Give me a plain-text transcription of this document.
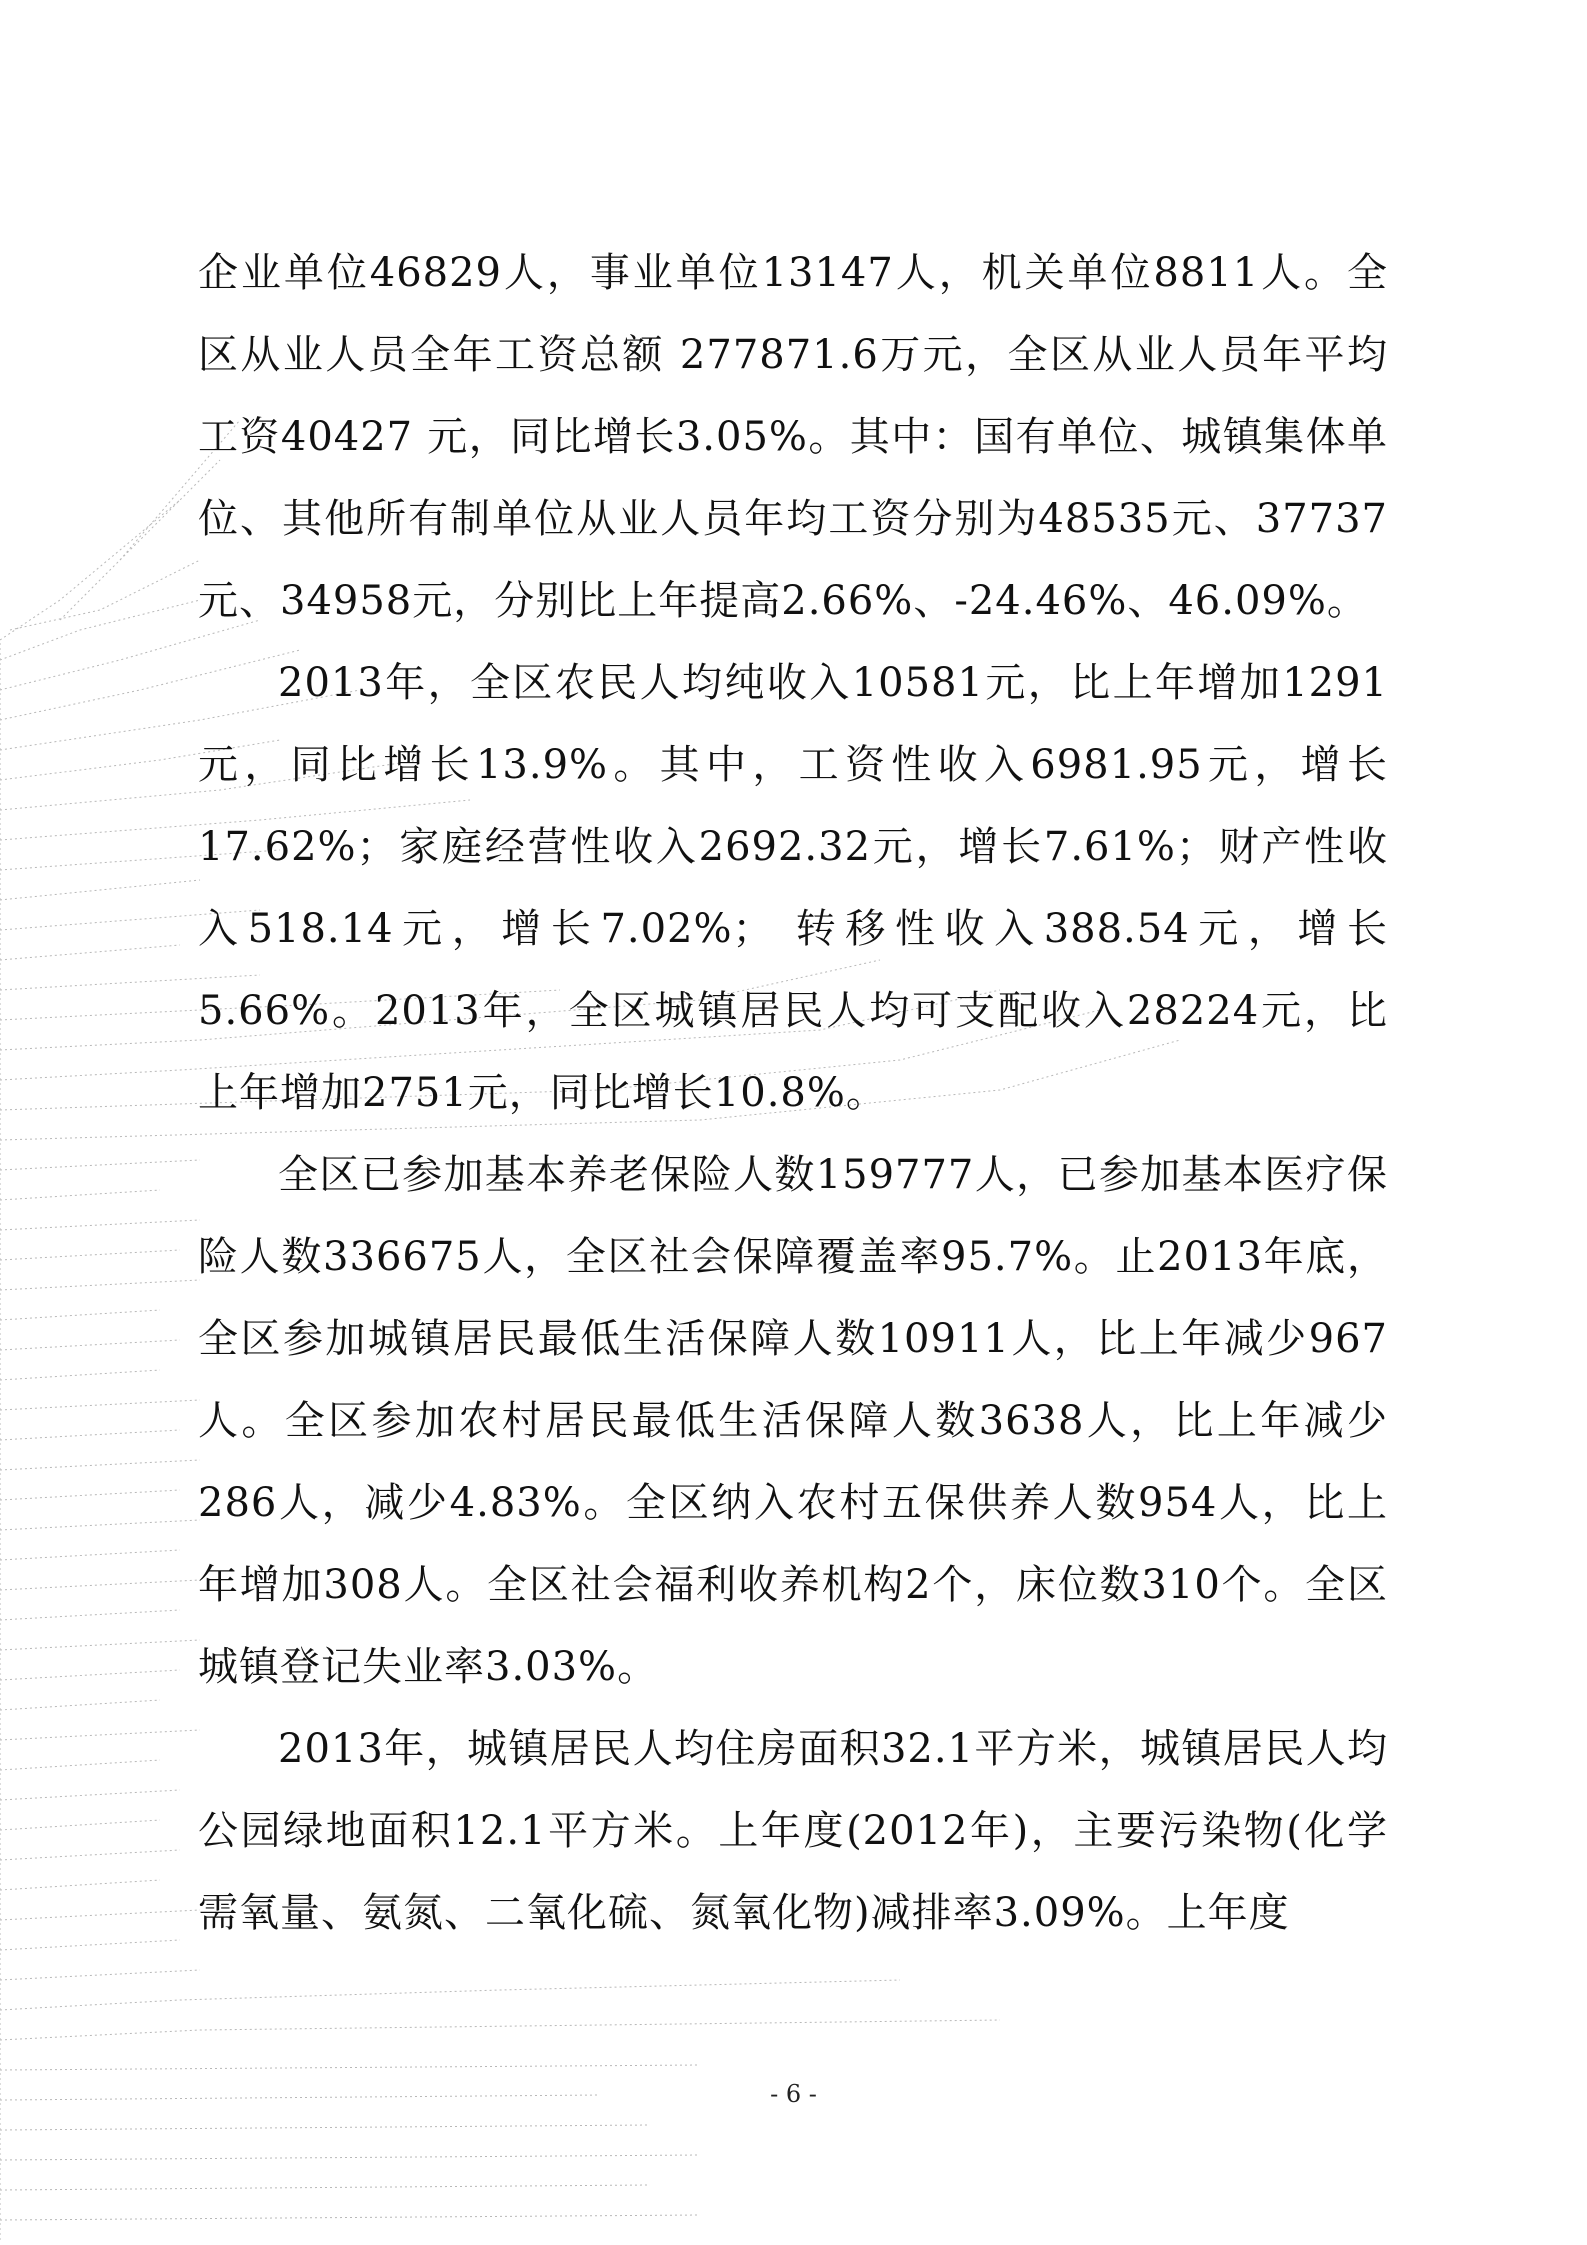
企业单位46829人，事业单位13147人，机关单位8811人。全区从业人员全年工资总额 277871.6万元，全区从业人员年平均工资40427 元，同比增长3.05%。其中：国有单位、城镇集体单位、其他所有制单位从业人员年均工资分别为48535元、37737元、34958元，分别比上年提高2.66%、-24.46%、46.09%。

2013年，全区农民人均纯收入10581元，比上年增加1291元，同比增长13.9%。其中，工资性收入6981.95元，增长17.62%；家庭经营性收入2692.32元，增长7.61%；财产性收入518.14元，增长7.02%； 转移性收入388.54元，增长5.66%。2013年，全区城镇居民人均可支配收入28224元，比上年增加2751元，同比增长10.8%。

全区已参加基本养老保险人数159777人，已参加基本医疗保险人数336675人，全区社会保障覆盖率95.7%。止2013年底，全区参加城镇居民最低生活保障人数10911人，比上年减少967人。全区参加农村居民最低生活保障人数3638人，比上年减少286人，减少4.83%。全区纳入农村五保供养人数954人，比上年增加308人。全区社会福利收养机构2个，床位数310个。全区城镇登记失业率3.03%。

2013年，城镇居民人均住房面积32.1平方米，城镇居民人均公园绿地面积12.1平方米。上年度(2012年)，主要污染物(化学需氧量、氨氮、二氧化硫、氮氧化物)减排率3.09%。上年度

- 6 -
